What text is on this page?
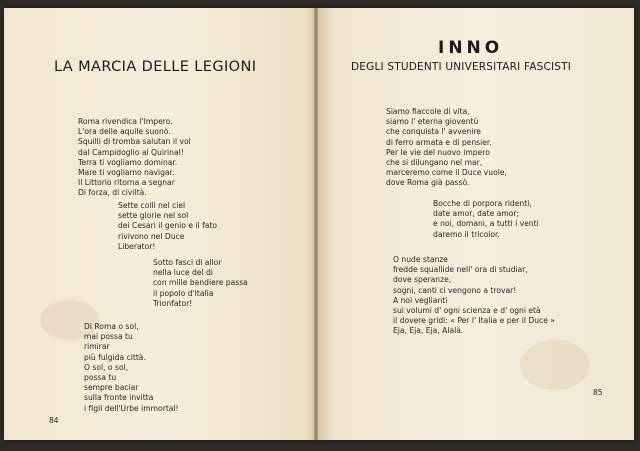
LA MARCIA DELLE LEGIONI
Roma rivendica l'Impero.
L'ora delle aquile suonò.
Squilli di tromba salutan il vol
dal Campidoglio al Quirinal!
Terra ti vogliamo dominar.
Mare ti vogliamo navigar.
Il Littorio ritorna a segnar
Di forza, di civiltà.
Sette colli nel ciel
sette glorie nel sol
dei Cesari il genio e il fato
rivivono nel Duce
Liberator!
Sotto fasci di allor
nella luce del di
con mille bandiere passa
il popolo d'Italia
Trionfator!
Di Roma o sol,
mai possa tu
rimirar
più fulgida città.
O sol, o sol,
possa tu
sempre baciar
sulla fronte invitta
i figli dell'Urbe immortal!
84
INNO
DEGLI STUDENTI UNIVERSITARI FASCISTI
Siamo fiaccole di vita,
siamo l' eterna gioventù
che conquista l' avvenire
di ferro armata e di pensier.
Per le vie del nuovo impero
che si dilungano nel mar,
marceremo come il Duce vuole,
dove Roma già passò.
Bocche di porpora ridenti,
date amor, date amor;
e noi, domani, a tutti i venti
daremo il tricolor.
O nude stanze
fredde squallide nell' ora di studiar,
dove speranze,
sogni, canti ci vengono a trovar!
A noi veglianti
sui volumi d' ogni scienza e d' ogni età
il dovere gridi: « Per l' Italia e per il Duce »
Eja, Eja, Eja, Alalà.
85
